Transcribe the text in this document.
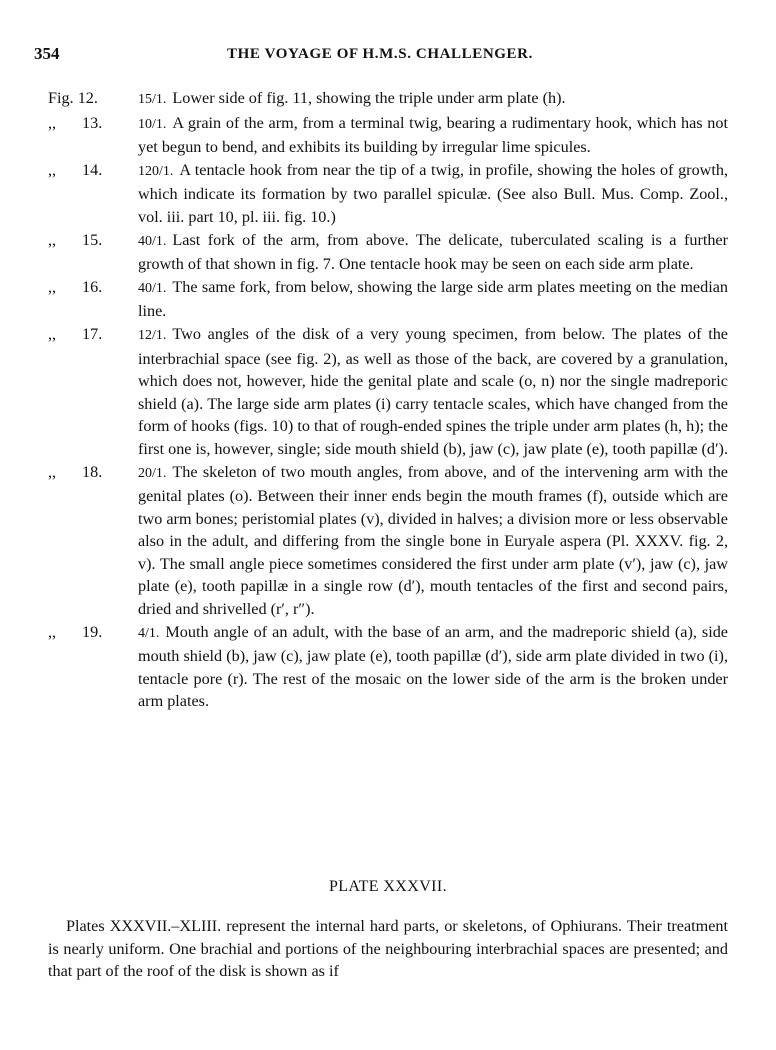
354	THE VOYAGE OF H.M.S. CHALLENGER.
Fig. 12.	15/1. Lower side of fig. 11, showing the triple under arm plate (h).
,, 13.	10/1. A grain of the arm, from a terminal twig, bearing a rudimentary hook, which has not yet begun to bend, and exhibits its building by irregular lime spicules.
,, 14.	120/1. A tentacle hook from near the tip of a twig, in profile, showing the holes of growth, which indicate its formation by two parallel spiculæ. (See also Bull. Mus. Comp. Zool., vol. iii. part 10, pl. iii. fig. 10.)
,, 15.	40/1. Last fork of the arm, from above. The delicate, tuberculated scaling is a further growth of that shown in fig. 7. One tentacle hook may be seen on each side arm plate.
,, 16.	40/1. The same fork, from below, showing the large side arm plates meeting on the median line.
,, 17.	12/1. Two angles of the disk of a very young specimen, from below. The plates of the interbrachial space (see fig. 2), as well as those of the back, are covered by a granulation, which does not, however, hide the genital plate and scale (o, n) nor the single madreporic shield (a). The large side arm plates (i) carry tentacle scales, which have changed from the form of hooks (figs. 10) to that of rough-ended spines the triple under arm plates (h, h); the first one is, however, single; side mouth shield (b), jaw (c), jaw plate (e), tooth papillæ (d′).
,, 18.	20/1. The skeleton of two mouth angles, from above, and of the intervening arm with the genital plates (o). Between their inner ends begin the mouth frames (f), outside which are two arm bones; peristomial plates (v), divided in halves; a division more or less observable also in the adult, and differing from the single bone in Euryale aspera (Pl. XXXV. fig. 2, v). The small angle piece sometimes considered the first under arm plate (v′), jaw (c), jaw plate (e), tooth papillæ in a single row (d′), mouth tentacles of the first and second pairs, dried and shrivelled (r′, r″).
,, 19.	4/1. Mouth angle of an adult, with the base of an arm, and the madreporic shield (a), side mouth shield (b), jaw (c), jaw plate (e), tooth papillæ (d′), side arm plate divided in two (i), tentacle pore (r). The rest of the mosaic on the lower side of the arm is the broken under arm plates.
PLATE XXXVII.
Plates XXXVII.–XLIII. represent the internal hard parts, or skeletons, of Ophiurans. Their treatment is nearly uniform. One brachial and portions of the neighbouring interbrachial spaces are presented; and that part of the roof of the disk is shown as if
